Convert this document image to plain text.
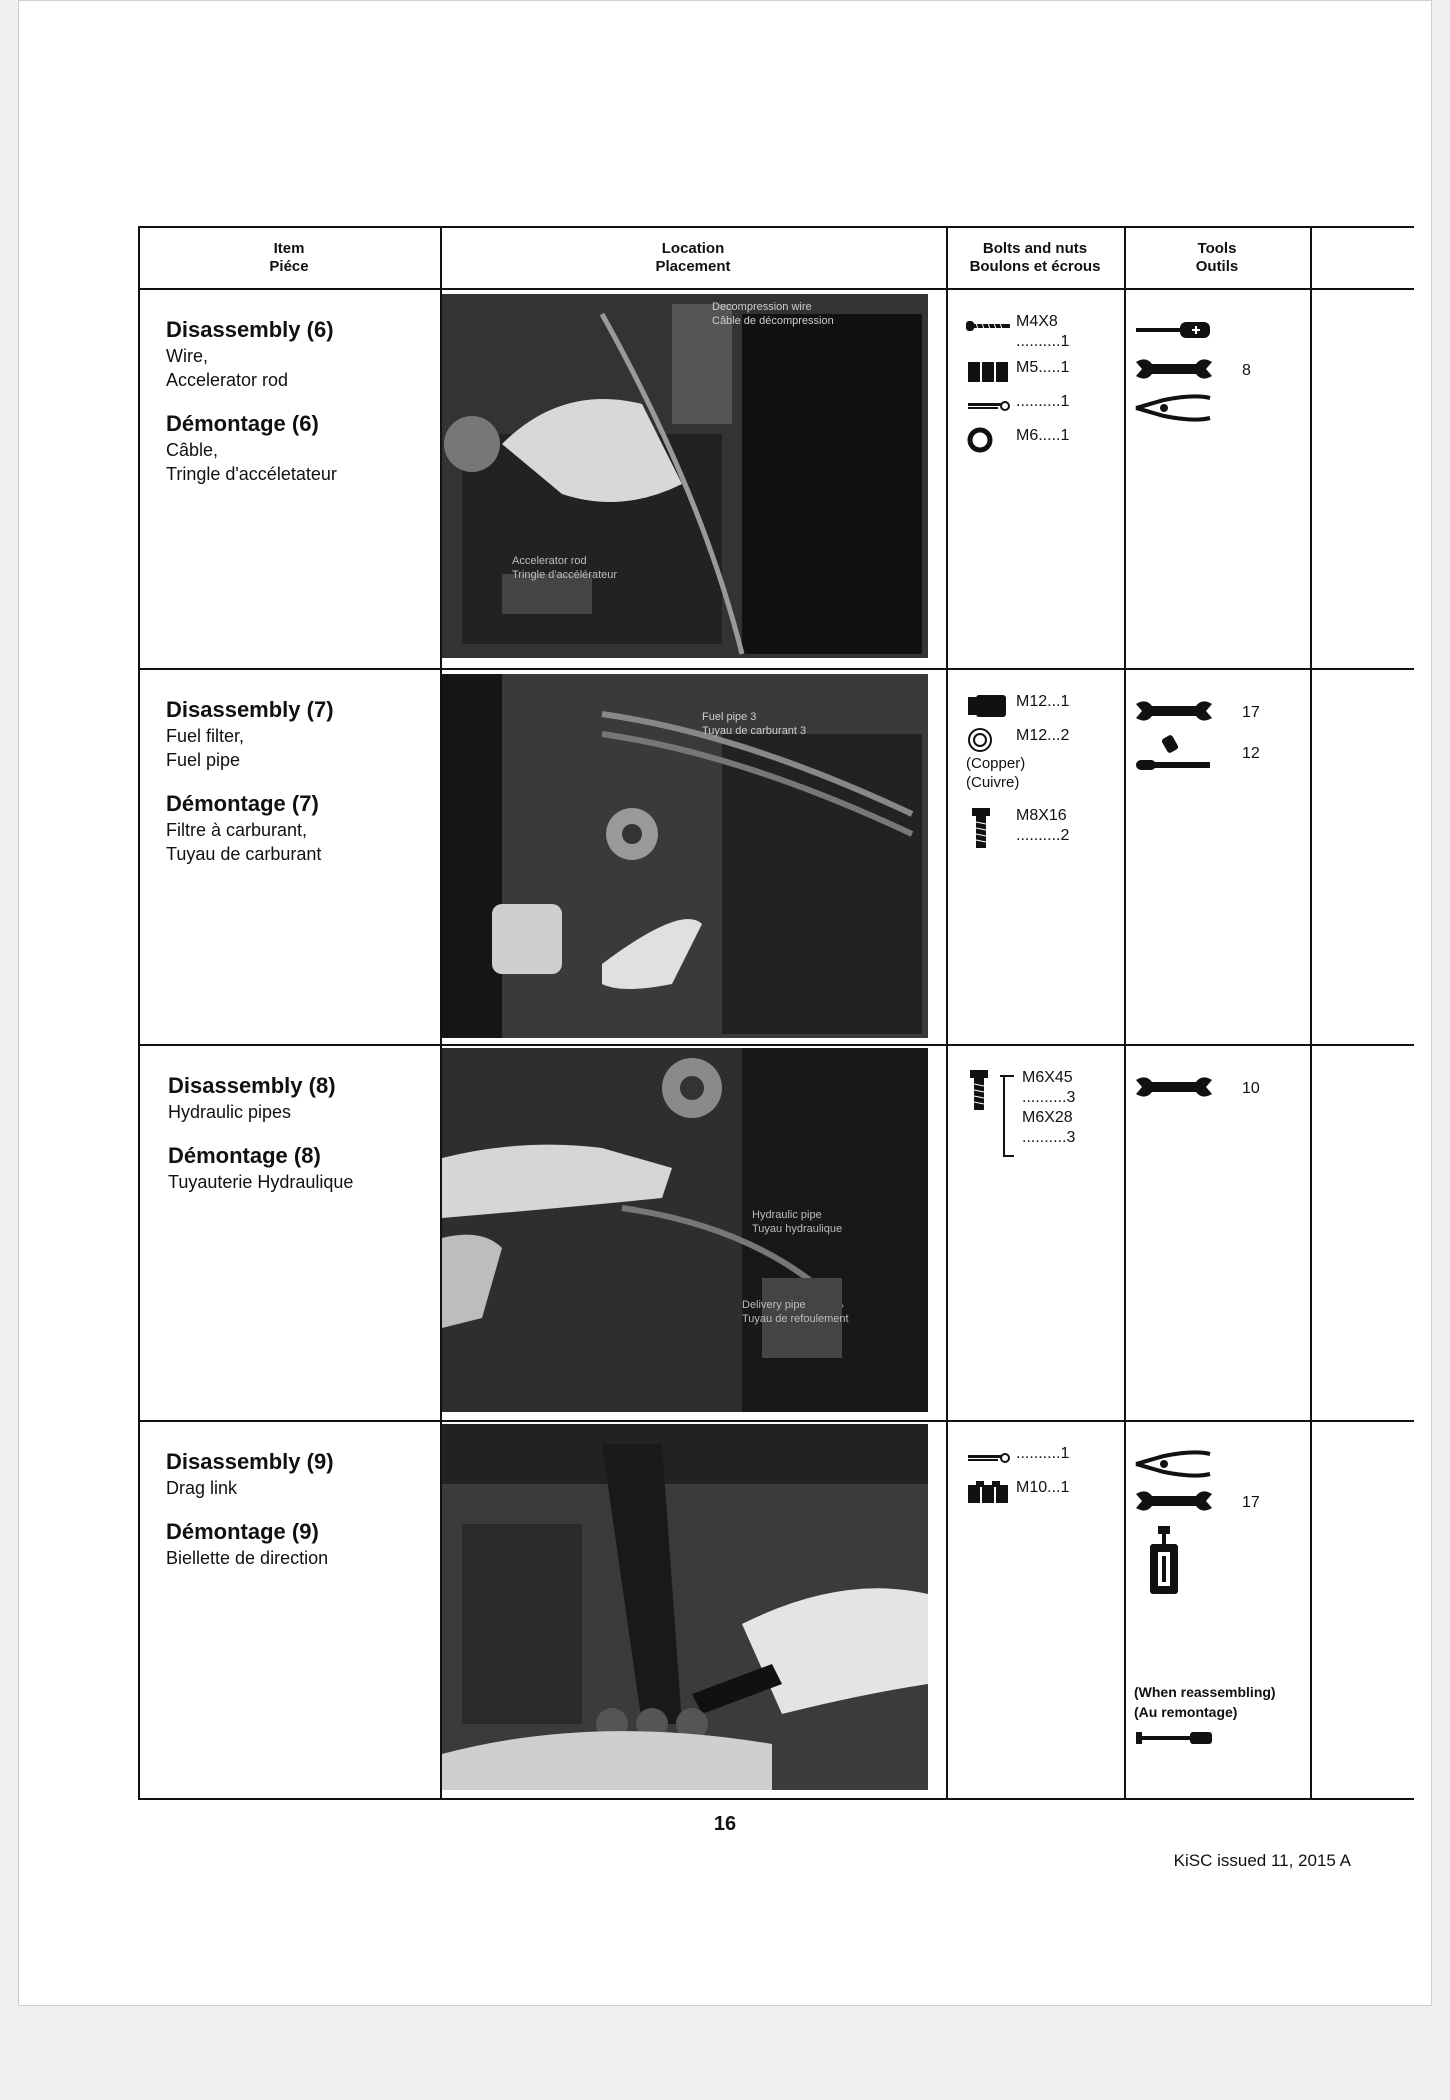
Item
Piéce
Location
Placement
Bolts and nuts
Boulons et écrous
Tools
Outils

Disassembly (6)

Wire,
Accelerator rod

Démontage (6)

Câble,
Tringle d'accéletateur

Decompression wire
Câble de décompression
Accelerator rod
Tringle d'accélérateur
M4X8
..........1
M5.....1
..........1
M6.....1
8

Disassembly (7)

Fuel filter,
Fuel pipe

Démontage (7)

Filtre à carburant,
Tuyau de carburant

Fuel pipe 3
Tuyau de carburant 3
M12...1
M12...2
(Copper)
(Cuivre)
M8X16
..........2
17
12

Disassembly (8)

Hydraulic pipes

Démontage (8)

Tuyauterie Hydraulique

Hydraulic pipe
Tuyau hydraulique
Delivery pipe
Tuyau de refoulement
M6X45
..........3
M6X28
..........3
10

Disassembly (9)

Drag link

Démontage (9)

Biellette de direction

..........1
M10...1
17
(When reassembling)
(Au remontage)
16
KiSC issued 11, 2015 A
